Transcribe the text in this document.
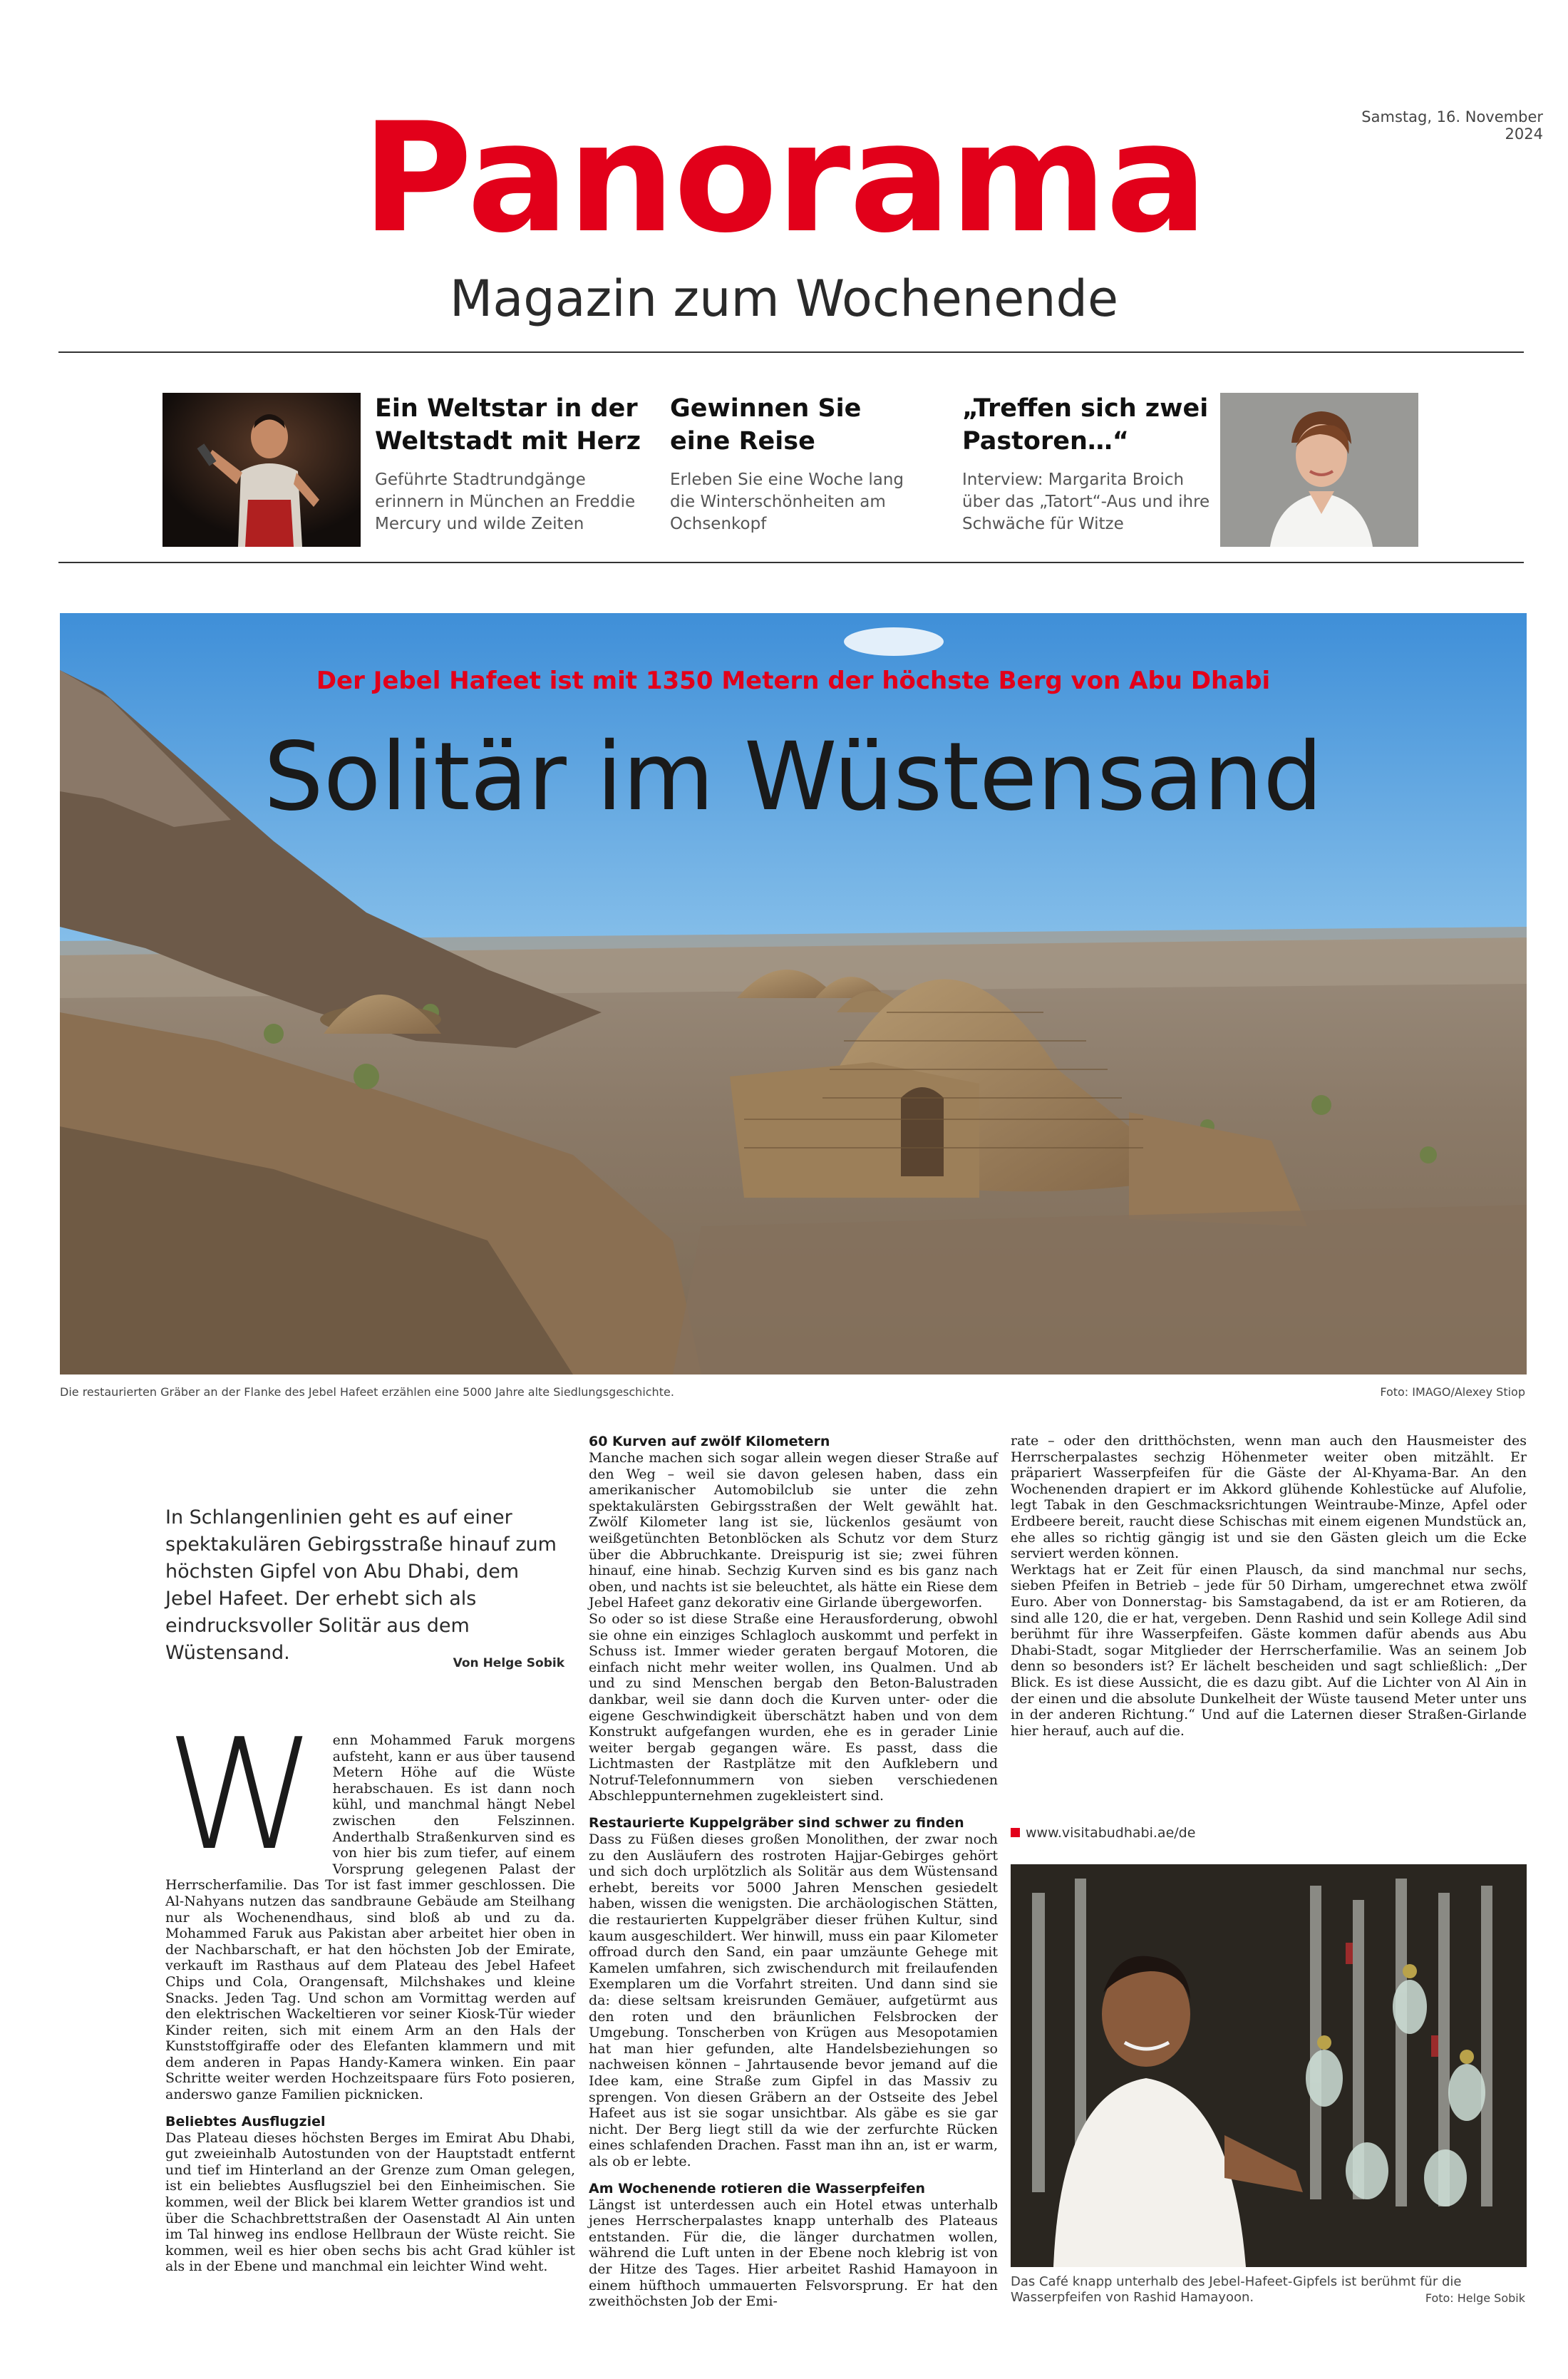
Samstag, 16. November 2024
Panorama
Magazin zum Wochenende
Ein Weltstar in der Weltstadt mit Herz
Geführte Stadtrundgänge erinnern in München an Freddie Mercury und wilde Zeiten
Gewinnen Sie eine Reise
Erleben Sie eine Woche lang die Winterschönheiten am Ochsenkopf
„Treffen sich zwei Pastoren…“
Interview: Margarita Broich über das „Tatort“-Aus und ihre Schwäche für Witze
Der Jebel Hafeet ist mit 1350 Metern der höchste Berg von Abu Dhabi
Solitär im Wüstensand
Die restaurierten Gräber an der Flanke des Jebel Hafeet erzählen eine 5000 Jahre alte Siedlungsgeschichte.	Foto: IMAGO/Alexey Stiop
In Schlangenlinien geht es auf einer spektakulären Gebirgsstraße hinauf zum höchsten Gipfel von Abu Dhabi, dem Jebel Hafeet. Der erhebt sich als eindrucksvoller Solitär aus dem Wüstensand.	Von Helge Sobik

W enn Mohammed Faruk morgens aufsteht, kann er aus über tausend Metern Höhe auf die Wüste herabschauen. Es ist dann noch kühl, und manchmal hängt Nebel zwischen den Felszinnen. Anderthalb Straßenkurven sind es von hier bis zum tiefer, auf einem Vorsprung gelegenen Palast der Herrscherfamilie. Das Tor ist fast immer geschlossen. Die Al-Nahyans nutzen das sandbraune Gebäude am Steilhang nur als Wochenendhaus, sind bloß ab und zu da. Mohammed Faruk aus Pakistan aber arbeitet hier oben in der Nachbarschaft, er hat den höchsten Job der Emirate, verkauft im Rasthaus auf dem Plateau des Jebel Hafeet Chips und Cola, Orangensaft, Milchshakes und kleine Snacks. Jeden Tag. Und schon am Vormittag werden auf den elektrischen Wackeltieren vor seiner Kiosk-Tür wieder Kinder reiten, sich mit einem Arm an den Hals der Kunststoffgiraffe oder des Elefanten klammern und mit dem anderen in Papas Handy-Kamera winken. Ein paar Schritte weiter werden Hochzeitspaare fürs Foto posieren, anderswo ganze Familien picknicken.

Beliebtes Ausflugziel

Das Plateau dieses höchsten Berges im Emirat Abu Dhabi, gut zweieinhalb Autostunden von der Hauptstadt entfernt und tief im Hinterland an der Grenze zum Oman gelegen, ist ein beliebtes Ausflugsziel bei den Einheimischen. Sie kommen, weil der Blick bei klarem Wetter grandios ist und über die Schachbrettstraßen der Oasenstadt Al Ain unten im Tal hinweg ins endlose Hellbraun der Wüste reicht. Sie kommen, weil es hier oben sechs bis acht Grad kühler ist als in der Ebene und manchmal ein leichter Wind weht.

60 Kurven auf zwölf Kilometern

Manche machen sich sogar allein wegen dieser Straße auf den Weg – weil sie davon gelesen haben, dass ein amerikanischer Automobilclub sie unter die zehn spektakulärsten Gebirgsstraßen der Welt gewählt hat. Zwölf Kilometer lang ist sie, lückenlos gesäumt von weißgetünchten Betonblöcken als Schutz vor dem Sturz über die Abbruchkante. Dreispurig ist sie; zwei führen hinauf, eine hinab. Sechzig Kurven sind es bis ganz nach oben, und nachts ist sie beleuchtet, als hätte ein Riese dem Jebel Hafeet ganz dekorativ eine Girlande übergeworfen.

So oder so ist diese Straße eine Herausforderung, obwohl sie ohne ein einziges Schlagloch auskommt und perfekt in Schuss ist. Immer wieder geraten bergauf Motoren, die einfach nicht mehr weiter wollen, ins Qualmen. Und ab und zu sind Menschen bergab den Beton-Balustraden dankbar, weil sie dann doch die Kurven unter- oder die eigene Geschwindigkeit überschätzt haben und von dem Konstrukt aufgefangen wurden, ehe es in gerader Linie weiter bergab gegangen wäre. Es passt, dass die Lichtmasten der Rastplätze mit den Aufklebern und Notruf-Telefonnummern von sieben verschiedenen Abschleppunternehmen zugekleistert sind.

Restaurierte Kuppelgräber sind schwer zu finden

Dass zu Füßen dieses großen Monolithen, der zwar noch zu den Ausläufern des rostroten Hajjar-Gebirges gehört und sich doch urplötzlich als Solitär aus dem Wüstensand erhebt, bereits vor 5000 Jahren Menschen gesiedelt haben, wissen die wenigsten. Die archäologischen Stätten, die restaurierten Kuppelgräber dieser frühen Kultur, sind kaum ausgeschildert. Wer hinwill, muss ein paar Kilometer offroad durch den Sand, ein paar umzäunte Gehege mit Kamelen umfahren, sich zwischendurch mit freilaufenden Exemplaren um die Vorfahrt streiten. Und dann sind sie da: diese seltsam kreisrunden Gemäuer, aufgetürmt aus den roten und den bräunlichen Felsbrocken der Umgebung. Tonscherben von Krügen aus Mesopotamien hat man hier gefunden, alte Handelsbeziehungen so nachweisen können – Jahrtausende bevor jemand auf die Idee kam, eine Straße zum Gipfel in das Massiv zu sprengen. Von diesen Gräbern an der Ostseite des Jebel Hafeet aus ist sie sogar unsichtbar. Als gäbe es sie gar nicht. Der Berg liegt still da wie der zerfurchte Rücken eines schlafenden Drachen. Fasst man ihn an, ist er warm, als ob er lebte.

Am Wochenende rotieren die Wasserpfeifen

Längst ist unterdessen auch ein Hotel etwas unterhalb jenes Herrscherpalastes knapp unterhalb des Plateaus entstanden. Für die, die länger durchatmen wollen, während die Luft unten in der Ebene noch klebrig ist von der Hitze des Tages. Hier arbeitet Rashid Hamayoon in einem hüfthoch ummauerten Felsvorsprung. Er hat den zweithöchsten Job der Emi-

rate – oder den dritthöchsten, wenn man auch den Hausmeister des Herrscherpalastes sechzig Höhenmeter weiter oben mitzählt. Er präpariert Wasserpfeifen für die Gäste der Al-Khyama-Bar. An den Wochenenden drapiert er im Akkord glühende Kohlestücke auf Alufolie, legt Tabak in den Geschmacksrichtungen Weintraube-Minze, Apfel oder Erdbeere bereit, raucht diese Schischas mit einem eigenen Mundstück an, ehe alles so richtig gängig ist und sie den Gästen gleich um die Ecke serviert werden können.

Werktags hat er Zeit für einen Plausch, da sind manchmal nur sechs, sieben Pfeifen in Betrieb – jede für 50 Dirham, umgerechnet etwa zwölf Euro. Aber von Donnerstag- bis Samstagabend, da ist er am Rotieren, da sind alle 120, die er hat, vergeben. Denn Rashid und sein Kollege Adil sind berühmt für ihre Wasserpfeifen. Gäste kommen dafür abends aus Abu Dhabi-Stadt, sogar Mitglieder der Herrscherfamilie. Was an seinem Job denn so besonders ist? Er lächelt bescheiden und sagt schließlich: „Der Blick. Es ist diese Aussicht, die es dazu gibt. Auf die Lichter von Al Ain in der einen und die absolute Dunkelheit der Wüste tausend Meter unter uns in der anderen Richtung.“ Und auf die Laternen dieser Straßen-Girlande hier herauf, auch auf die.

www.visitabudhabi.ae/de
Das Café knapp unterhalb des Jebel-Hafeet-Gipfels ist berühmt für die Wasserpfeifen von Rashid Hamayoon.	Foto: Helge Sobik
